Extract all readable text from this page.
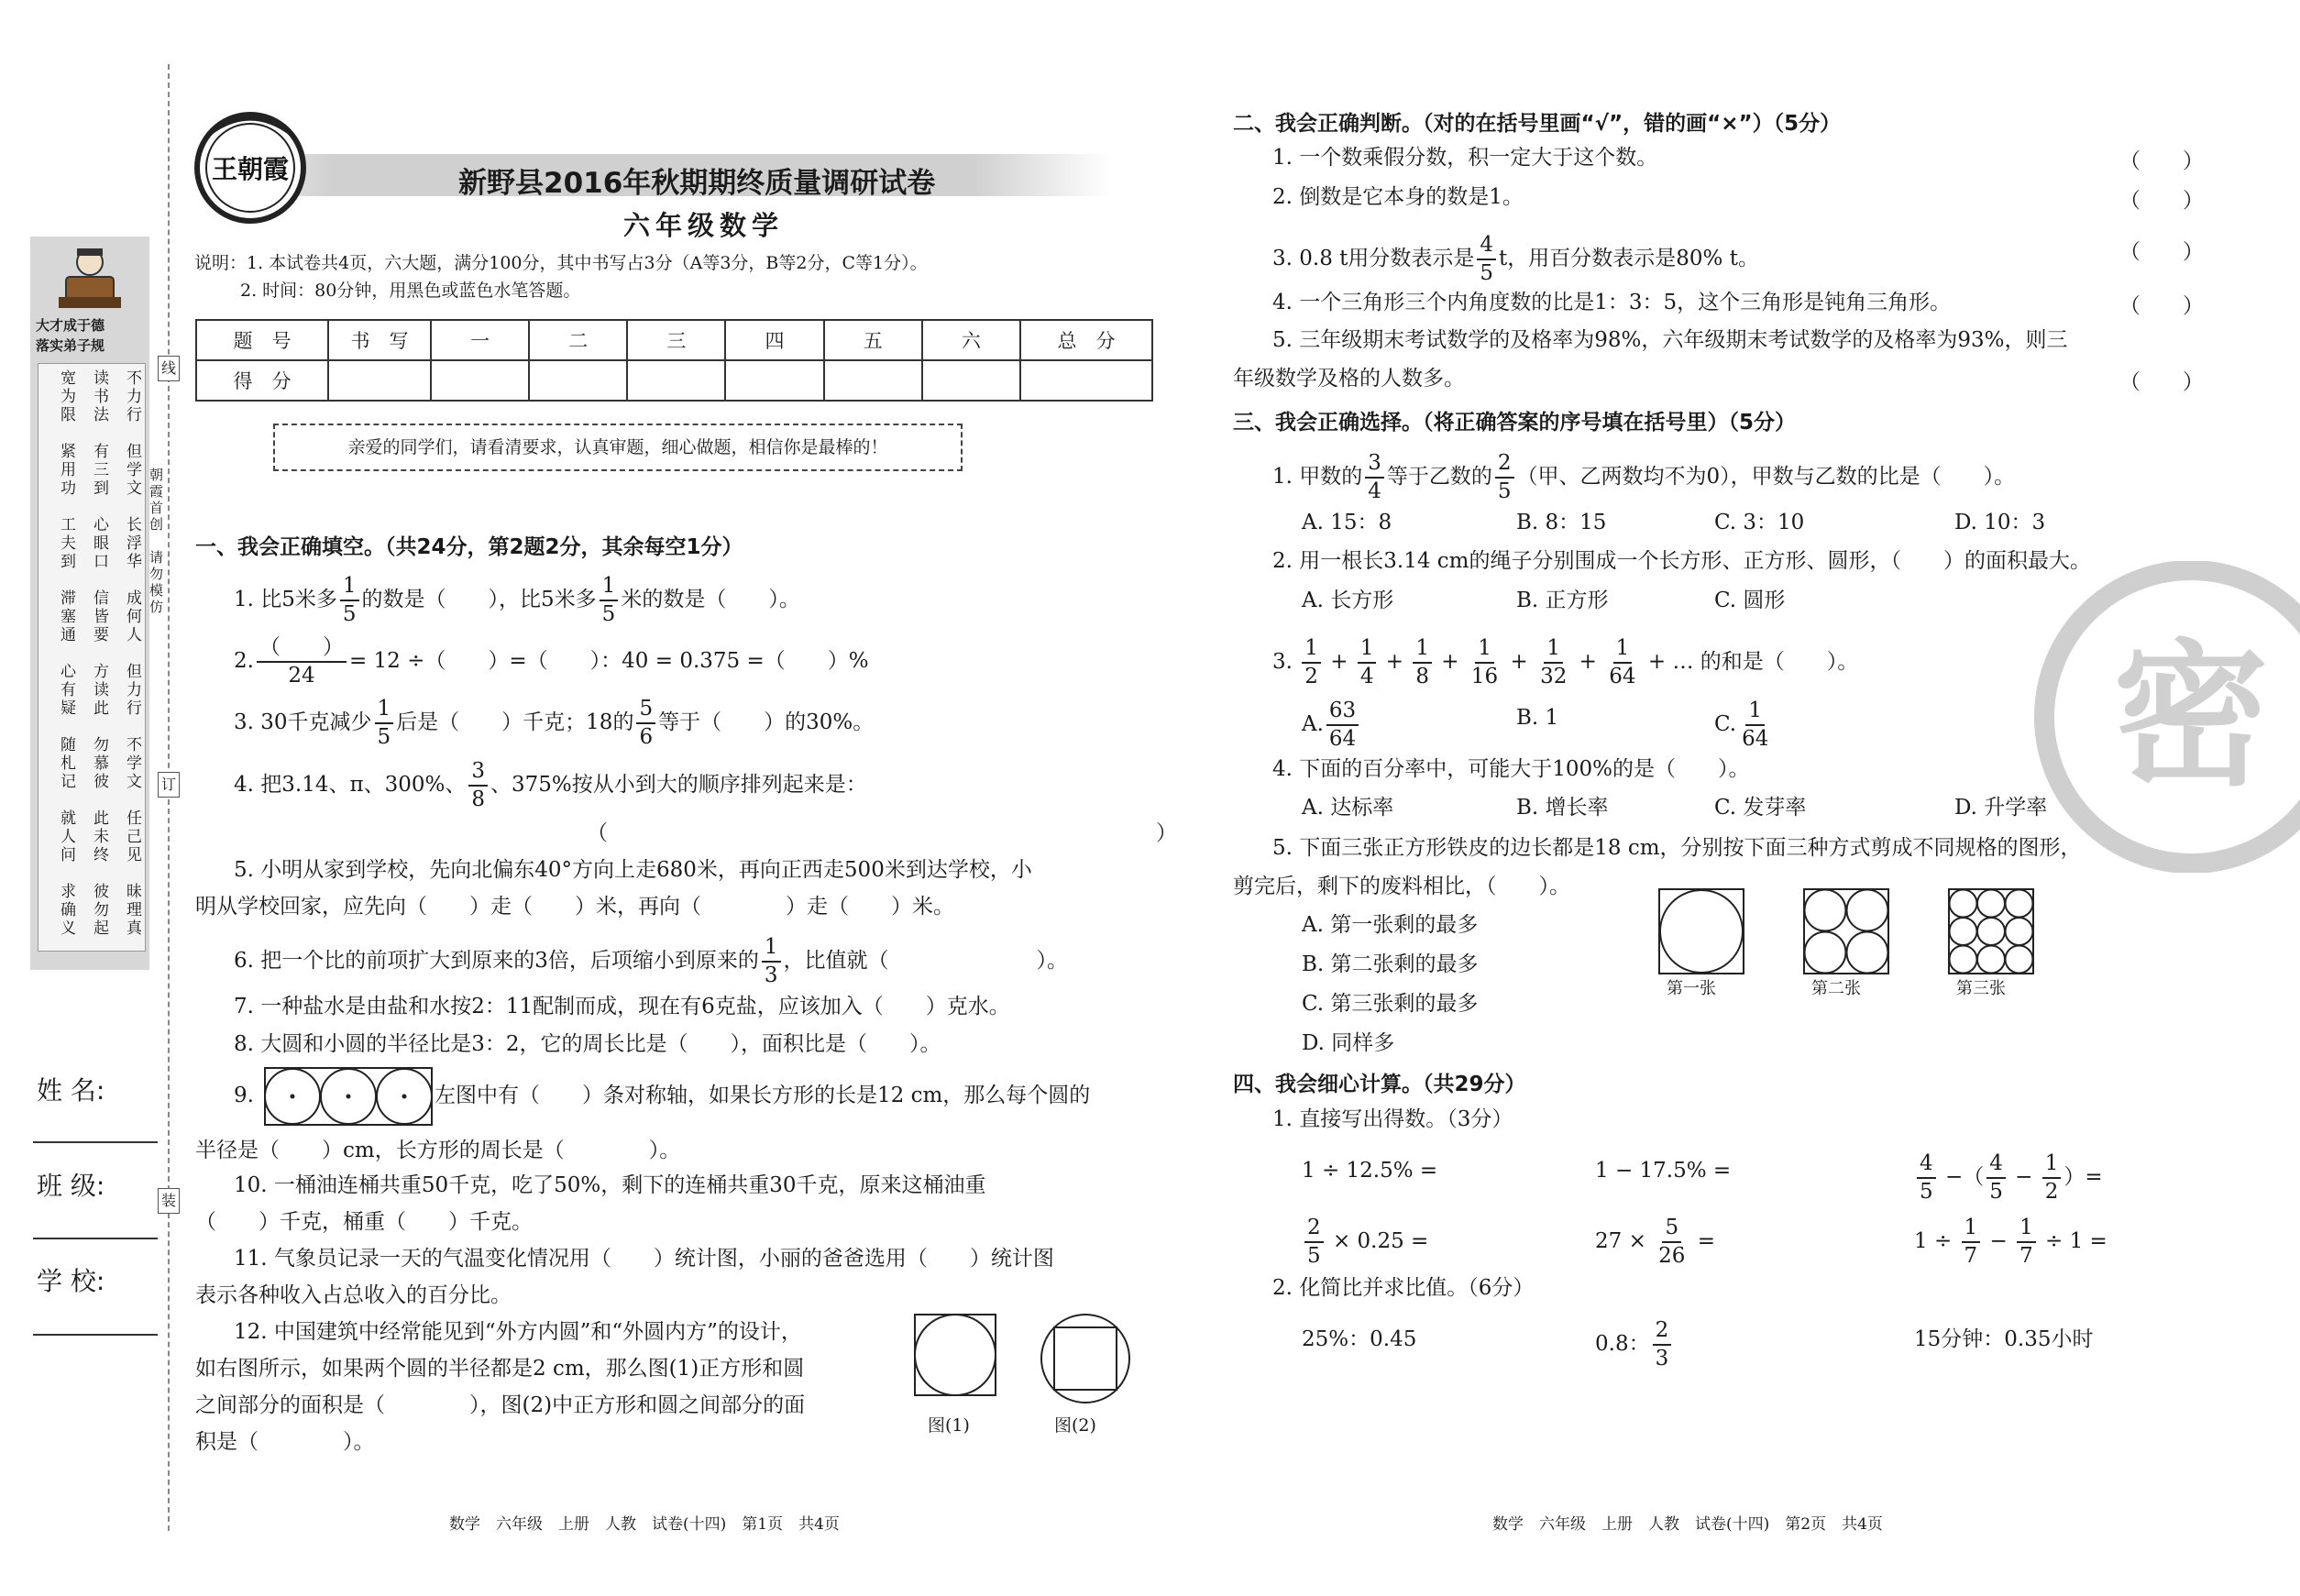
大才成于德
落实弟子规
宽为限 读书法 不力行
紧用功 有三到 但学文
工夫到 心眼口 长浮华
滞塞通 信皆要 成何人
心有疑 方读此 但力行
随札记 勿慕彼 不学文
就人问 此未终 任己见
求确义 彼勿起 昧理真
姓 名:
班 级:
学 校:
线
朝霞首创　请勿模仿
订
装
王朝霞	新野县2016年秋期期终质量调研试卷
六年级数学
说明：1. 本试卷共4页，六大题，满分100分，其中书写占3分（A等3分，B等2分，C等1分）。
2. 时间：80分钟，用黑色或蓝色水笔答题。
题　号	书　写	一	二	三	四	五	六	总　分
得　分								
亲爱的同学们，请看清要求，认真审题，细心做题，相信你是最棒的！
一、我会正确填空。（共24分，第2题2分，其余每空1分）
1. 比5米多 $\frac{1}{5}$ 的数是（　　），比5米多 $\frac{1}{5}$ 米的数是（　　）。
2.
（　　）
24
= 12 ÷（　　）=（　　）：40 = 0.375 =（　　）%
3. 30千克减少 $\frac{1}{5}$ 后是（　　）千克；18的 $\frac{5}{6}$ 等于（　　）的30%。
4. 把3.14、π、300%、 $\frac{3}{8}$ 、375%按从小到大的顺序排列起来是：
（　　　　　　　　　　　　　　　　　　　　　　　　　　）
5. 小明从家到学校，先向北偏东40°方向上走680米，再向正西走500米到达学校，小
明从学校回家，应先向（　　）走（　　）米，再向（　　　　）走（　　）米。
6. 把一个比的前项扩大到原来的3倍，后项缩小到原来的 $\frac{1}{3}$ ，比值就（　　　　　　　）。
7. 一种盐水是由盐和水按2：11配制而成，现在有6克盐，应该加入（　　）克水。
8. 大圆和小圆的半径比是3：2，它的周长比是（　　），面积比是（　　）。
9.	左图中有（　　）条对称轴，如果长方形的长是12 cm，那么每个圆的
半径是（　　）cm，长方形的周长是（　　　　）。
10. 一桶油连桶共重50千克，吃了50%，剩下的连桶共重30千克，原来这桶油重
（　　）千克，桶重（　　）千克。
11. 气象员记录一天的气温变化情况用（　　）统计图，小丽的爸爸选用（　　）统计图
表示各种收入占总收入的百分比。
12. 中国建筑中经常能见到“外方内圆”和“外圆内方”的设计，
如右图所示，如果两个圆的半径都是2 cm，那么图(1)正方形和圆
之间部分的面积是（　　　　），图(2)中正方形和圆之间部分的面
积是（　　　　）。
图(1)	图(2)
数学　六年级　上册　人教　试卷(十四)　第1页　共4页
二、我会正确判断。（对的在括号里画“√”，错的画“×”）（5分）
1. 一个数乘假分数，积一定大于这个数。	（　　）
2. 倒数是它本身的数是1。	（　　）
3. 0.8 t用分数表示是 $\frac{4}{5}$ t，用百分数表示是80% t。	（　　）
4. 一个三角形三个内角度数的比是1：3：5，这个三角形是钝角三角形。	（　　）
5. 三年级期末考试数学的及格率为98%，六年级期末考试数学的及格率为93%，则三
年级数学及格的人数多。	（　　）
三、我会正确选择。（将正确答案的序号填在括号里）（5分）
1. 甲数的 $\frac{3}{4}$ 等于乙数的 $\frac{2}{5}$ （甲、乙两数均不为0），甲数与乙数的比是（　　）。
A. 15：8	B. 8：15	C. 3：10	D. 10：3
2. 用一根长3.14 cm的绳子分别围成一个长方形、正方形、圆形，（　　）的面积最大。
A. 长方形	B. 正方形	C. 圆形
3. $\frac{1}{2} + \frac{1}{4} + \frac{1}{8} + \frac{1}{16} + \frac{1}{32} + \frac{1}{64}$ + … 的和是（　　）。
A. $\frac{63}{64}$	B. 1	C. $\frac{1}{64}$
4. 下面的百分率中，可能大于100%的是（　　）。
A. 达标率	B. 增长率	C. 发芽率	D. 升学率
5. 下面三张正方形铁皮的边长都是18 cm，分别按下面三种方式剪成不同规格的图形，
剪完后，剩下的废料相比，（　　）。
A. 第一张剩的最多
B. 第二张剩的最多
C. 第三张剩的最多
D. 同样多
第一张	第二张	第三张
四、我会细心计算。（共29分）
1. 直接写出得数。（3分）
1 ÷ 12.5% =	1 − 17.5% =	$\frac{4}{5}$ −（ $\frac{4}{5} - \frac{1}{2}$ ）=
$\frac{2}{5} \times 0.25$ =	$27 \times \frac{5}{26}$ =	$1 \div \frac{1}{7} - \frac{1}{7} \div 1$ =
2. 化简比并求比值。（6分）
25%：0.45	0.8： $\frac{2}{3}$	15分钟：0.35小时
密
数学　六年级　上册　人教　试卷(十四)　第2页　共4页
